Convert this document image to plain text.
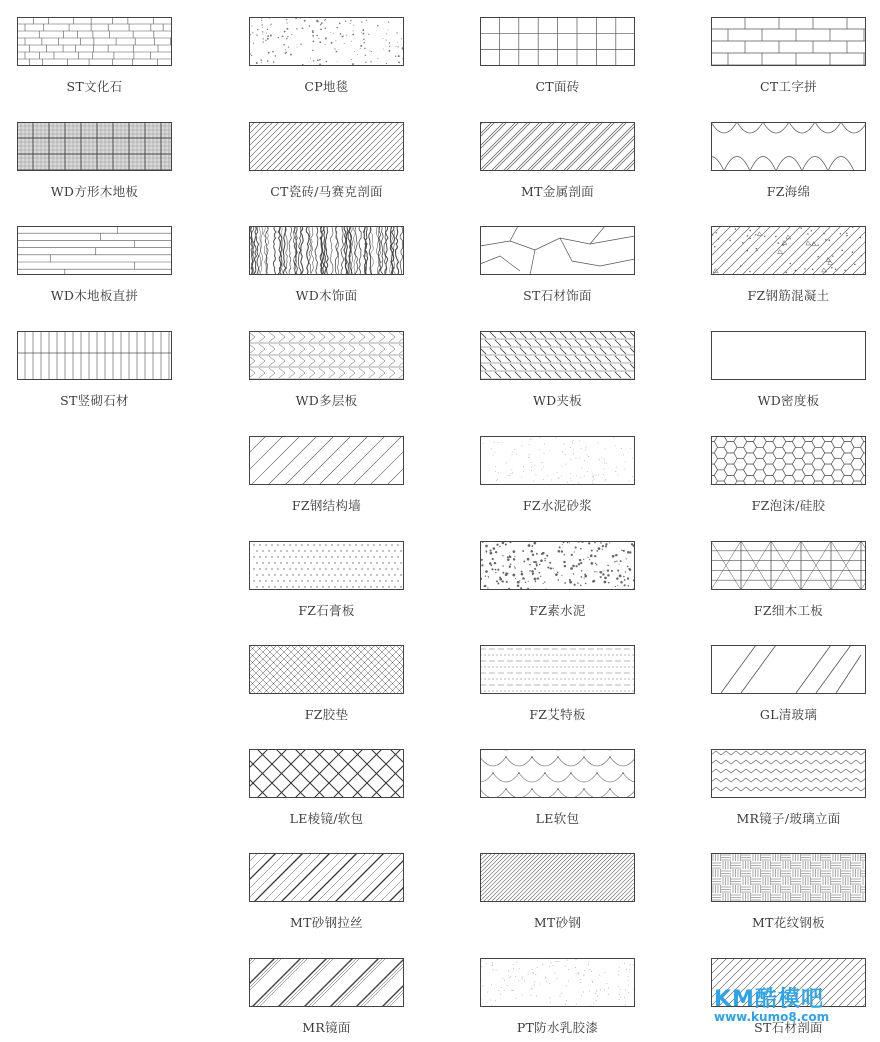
ST文化石	CP地毯	CT面砖	CT工字拼
WD方形木地板	CT瓷砖/马赛克剖面	MT金属剖面	FZ海绵
WD木地板直拼	WD木饰面	ST石材饰面	FZ钢筋混凝土
ST竖砌石材	WD多层板	WD夹板	WD密度板
FZ钢结构墙	FZ水泥砂浆	FZ泡沫/硅胶
FZ石膏板	FZ素水泥	FZ细木工板
FZ胶垫	FZ艾特板	GL清玻璃
LE棱镜/软包	LE软包	MR镜子/玻璃立面
MT砂钢拉丝	MT砂钢	MT花纹钢板
MR镜面	PT防水乳胶漆	ST石材剖面
KM酷模吧
www.kumo8.com
